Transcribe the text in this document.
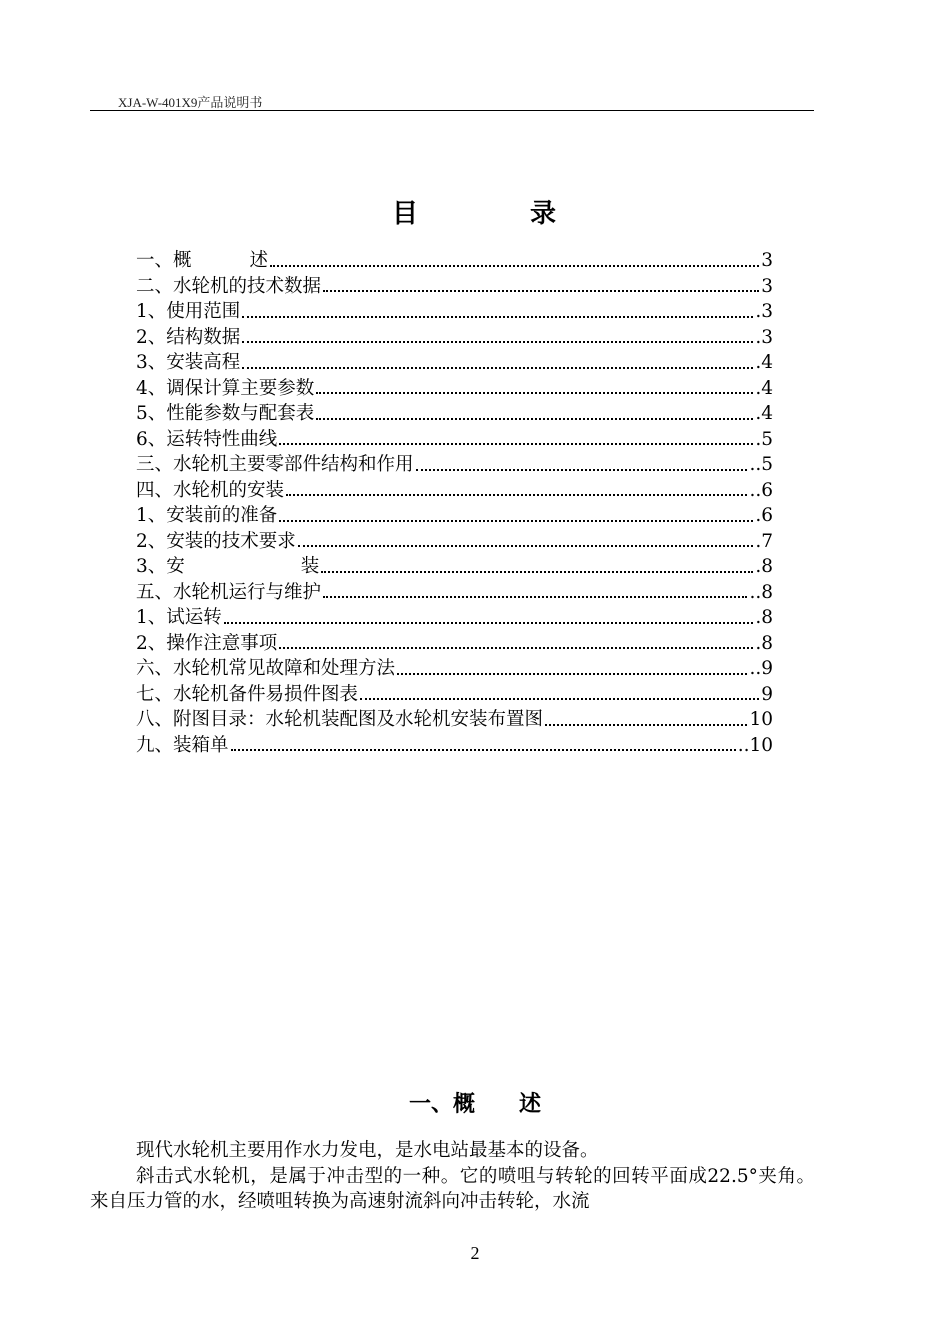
XJA-W-401X9产品说明书
目	录
一、概	述	3
二、水轮机的技术数据	3
1、使用范围	.3
2、结构数据	.3
3、安装高程	.4
4、调保计算主要参数	.4
5、性能参数与配套表	.4
6、运转特性曲线	.5
三、水轮机主要零部件结构和作用	..5
四、水轮机的安装	..6
1、安装前的准备	.6
2、安装的技术要求	.7
3、安	装	.8
五、水轮机运行与维护	..8
1、试运转	.8
2、操作注意事项	.8
六、水轮机常见故障和处理方法	..9
七、水轮机备件易损件图表	9
八、附图目录：水轮机装配图及水轮机安装布置图	10
九、装箱单	..10
一、概　　述
现代水轮机主要用作水力发电，是水电站最基本的设备。
斜击式水轮机，是属于冲击型的一种。它的喷咀与转轮的回转平面成22.5°夹角。来自压力管的水，经喷咀转换为高速射流斜向冲击转轮，水流
2
